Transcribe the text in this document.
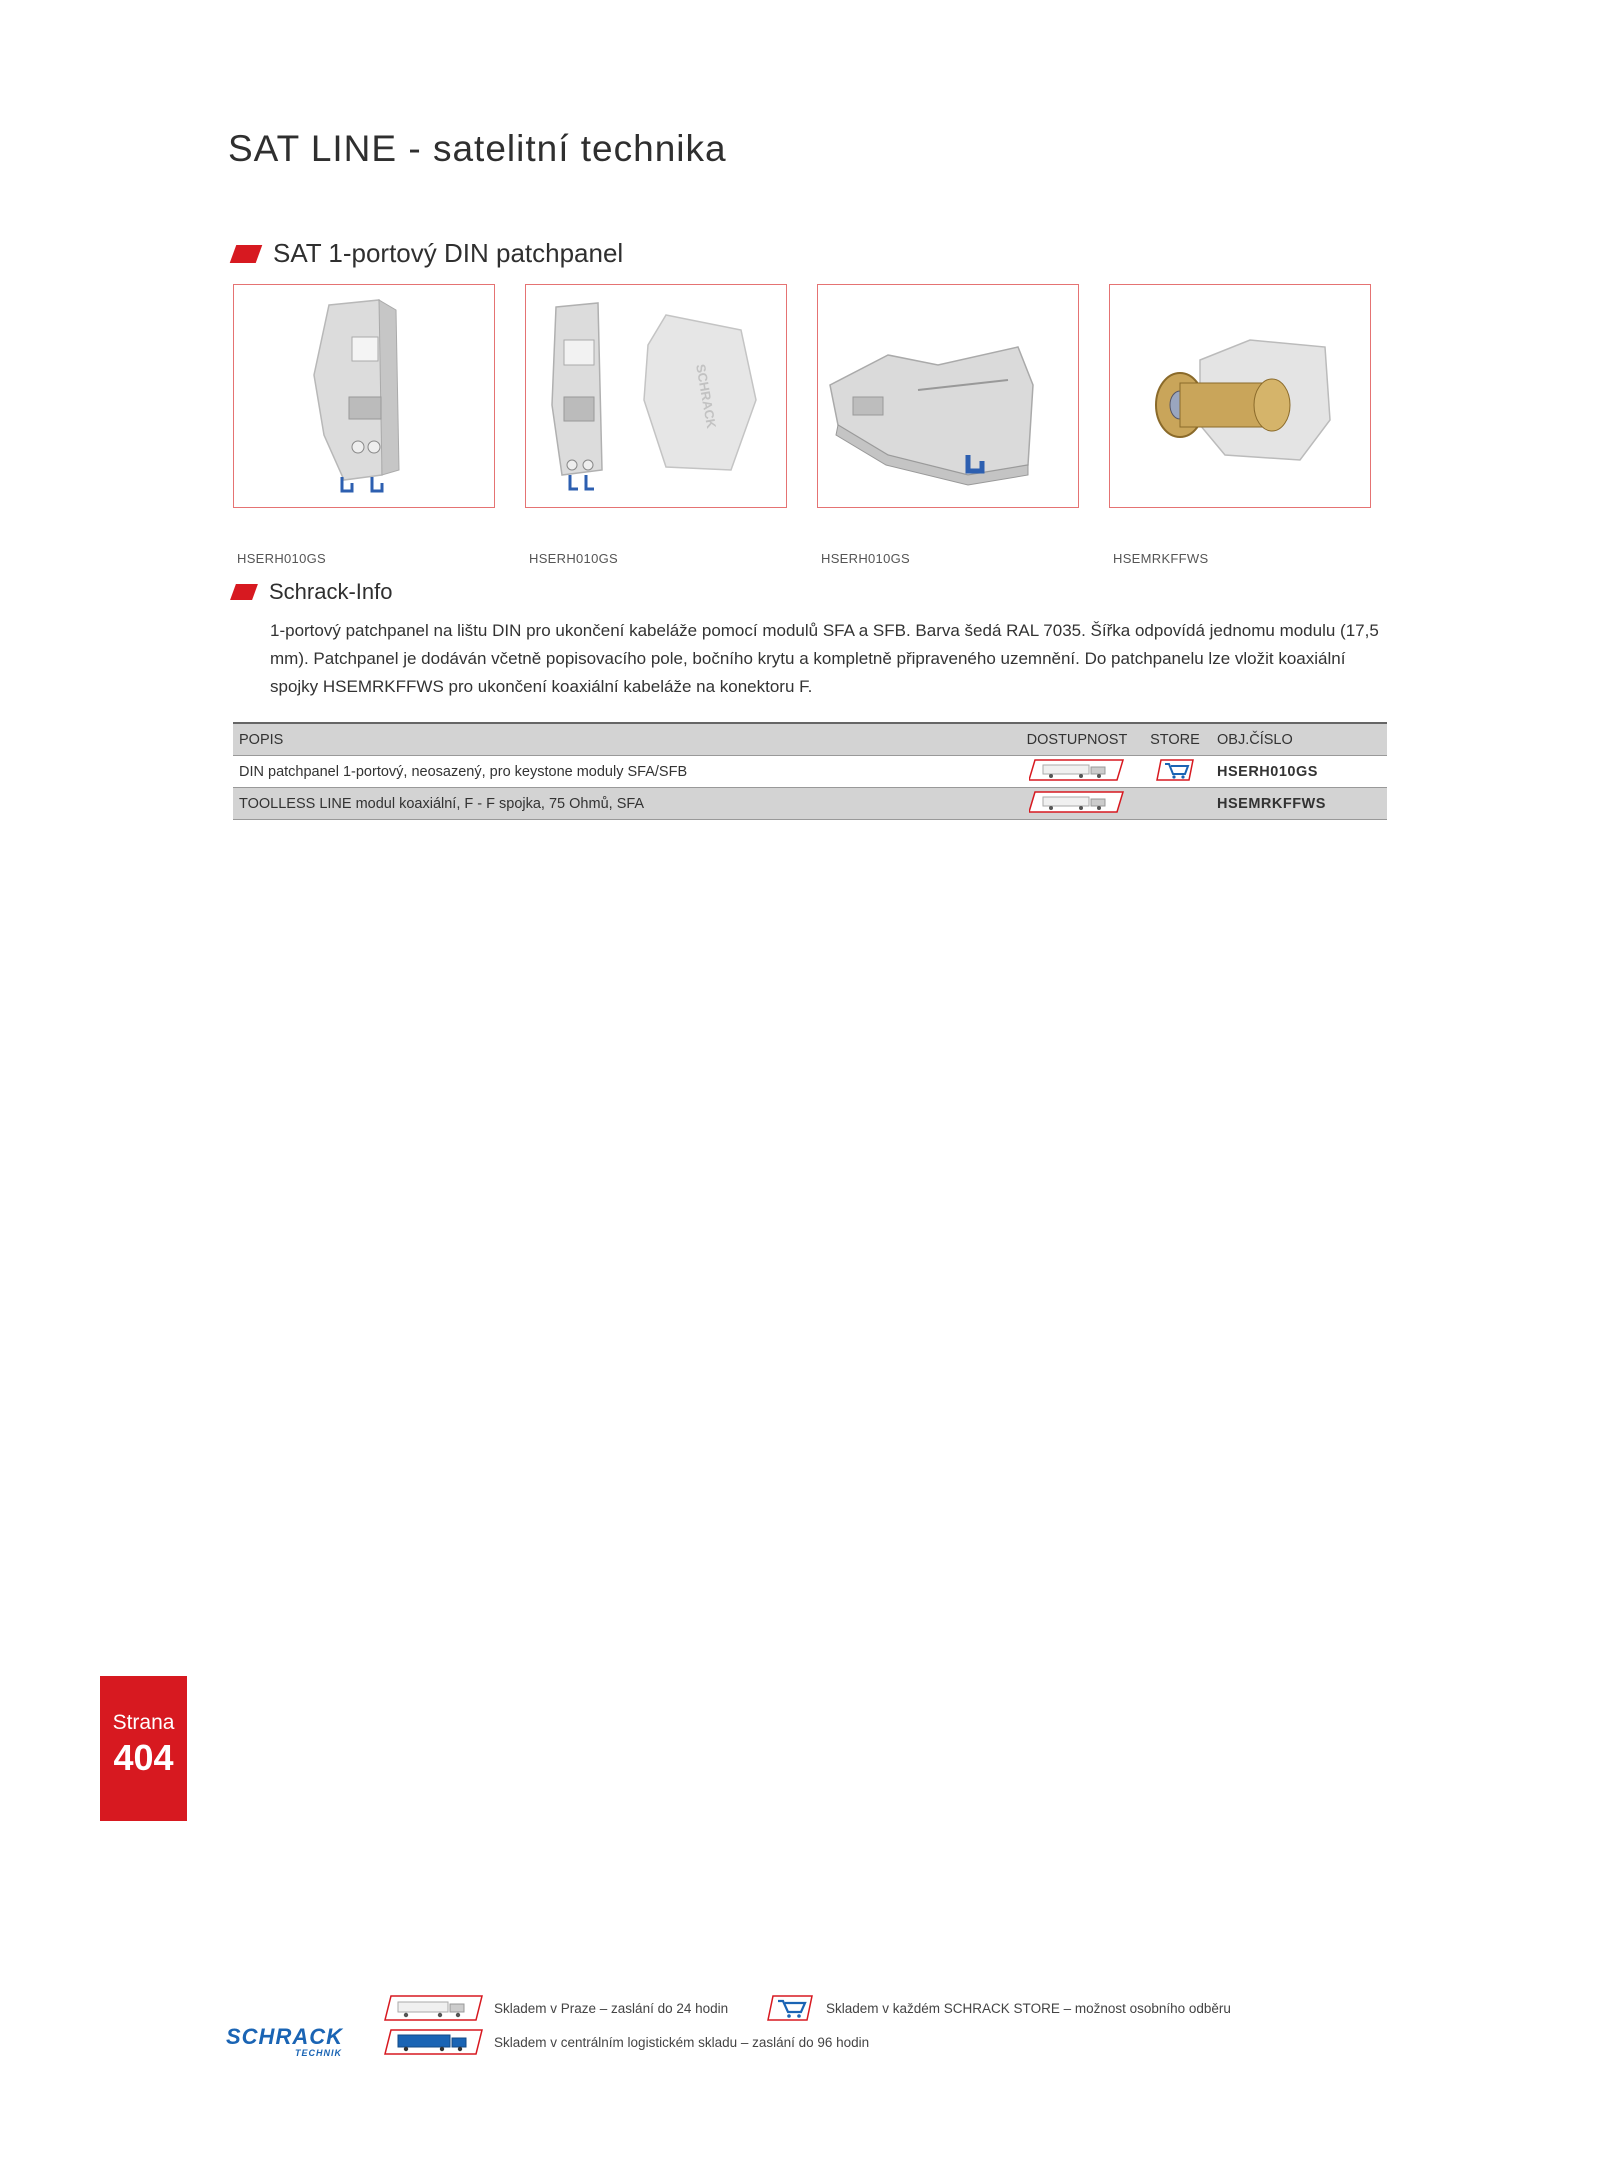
SAT LINE - satelitní technika
SAT 1-portový DIN patchpanel
SCHRACK
HSERH010GS	HSERH010GS	HSERH010GS	HSEMRKFFWS
Schrack-Info
1-portový patchpanel na lištu DIN pro ukončení kabeláže pomocí modulů SFA a SFB. Barva šedá RAL 7035. Šířka odpovídá jednomu modulu (17,5 mm). Patchpanel je dodáván včetně popisovacího pole, bočního krytu a kompletně připraveného uzemnění. Do patchpanelu lze vložit koaxiální spojky HSEMRKFFWS pro ukončení koaxiální kabeláže na konektoru F.
POPIS	DOSTUPNOST	STORE	OBJ.ČÍSLO
DIN patchpanel 1-portový, neosazený, pro keystone moduly SFA/SFB			HSERH010GS
TOOLLESS LINE modul koaxiální, F - F spojka, 75 Ohmů, SFA			HSEMRKFFWS
Strana
404
Skladem v Praze – zaslání do 24 hodin	Skladem v každém SCHRACK STORE – možnost osobního odběru
Skladem v centrálním logistickém skladu – zaslání do 96 hodin
SCHRACK
TECHNIK
